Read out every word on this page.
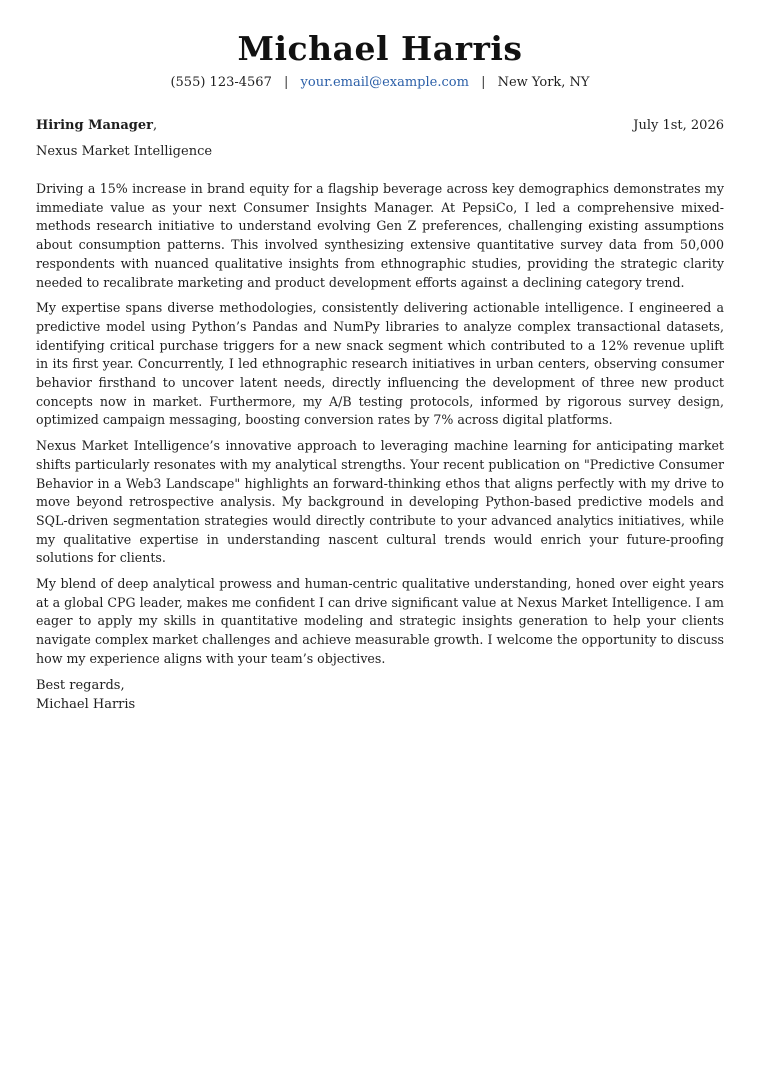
Michael Harris
(555) 123-4567 | your.email@example.com | New York, NY
Hiring Manager,	July 1st, 2026
Nexus Market Intelligence

Driving a 15% increase in brand equity for a flagship beverage across key demographics demonstrates my immediate value as your next Consumer Insights Manager. At PepsiCo, I led a comprehensive mixed-methods research initiative to understand evolving Gen Z preferences, challenging existing assumptions about consumption patterns. This involved synthesizing extensive quantitative survey data from 50,000 respondents with nuanced qualitative insights from ethnographic studies, providing the strategic clarity needed to recalibrate marketing and product development efforts against a declining category trend.

My expertise spans diverse methodologies, consistently delivering actionable intelligence. I engineered a predictive model using Python’s Pandas and NumPy libraries to analyze complex transactional datasets, identifying critical purchase triggers for a new snack segment which contributed to a 12% revenue uplift in its first year. Concurrently, I led ethnographic research initiatives in urban centers, observing consumer behavior firsthand to uncover latent needs, directly influencing the development of three new product concepts now in market. Furthermore, my A/B testing protocols, informed by rigorous survey design, optimized campaign messaging, boosting conversion rates by 7% across digital platforms.

Nexus Market Intelligence’s innovative approach to leveraging machine learning for anticipating market shifts particularly resonates with my analytical strengths. Your recent publication on "Predictive Consumer Behavior in a Web3 Landscape" highlights an forward-thinking ethos that aligns perfectly with my drive to move beyond retrospective analysis. My background in developing Python-based predictive models and SQL-driven segmentation strategies would directly contribute to your advanced analytics initiatives, while my qualitative expertise in understanding nascent cultural trends would enrich your future-proofing solutions for clients.

My blend of deep analytical prowess and human-centric qualitative understanding, honed over eight years at a global CPG leader, makes me confident I can drive significant value at Nexus Market Intelligence. I am eager to apply my skills in quantitative modeling and strategic insights generation to help your clients navigate complex market challenges and achieve measurable growth. I welcome the opportunity to discuss how my experience aligns with your team’s objectives.

Best regards,
Michael Harris
